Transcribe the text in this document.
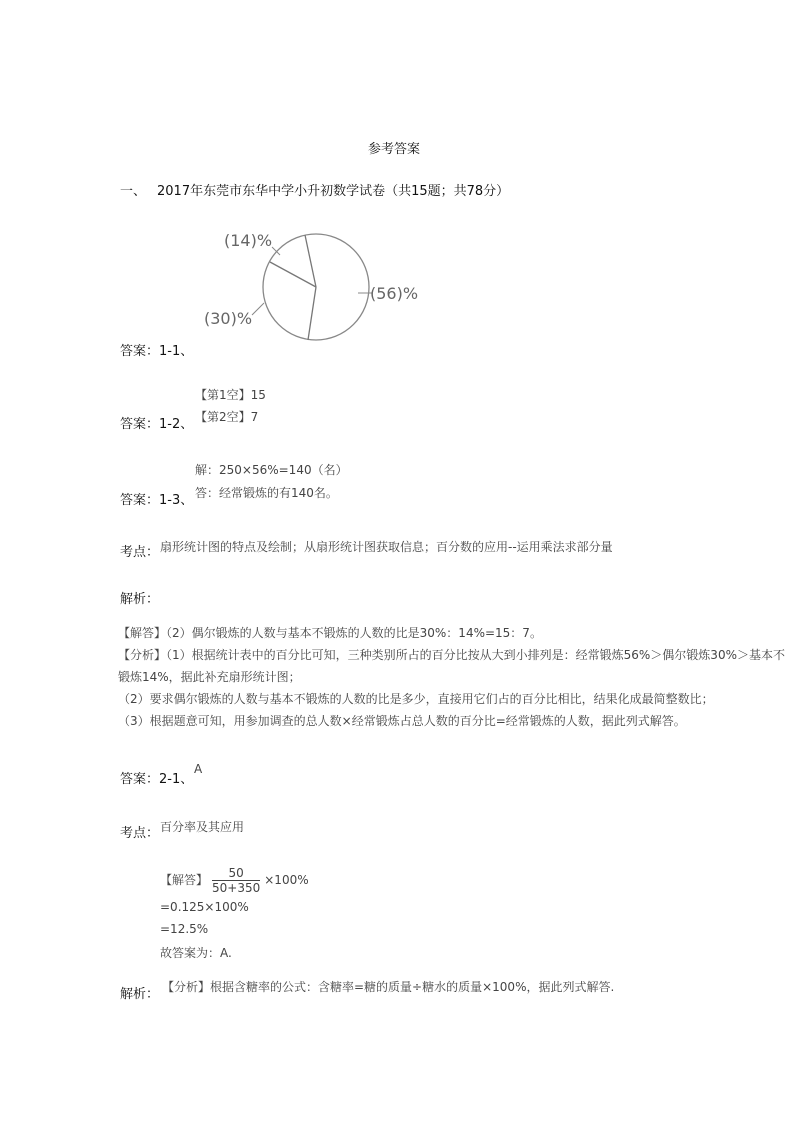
参考答案
一、 2017年东莞市东华中学小升初数学试卷（共15题；共78分）
(56)%
(30)%
(14)%
答案：1-1、
【第1空】15
【第2空】7
答案：1-2、
解：250×56%=140（名）
答：经常锻炼的有140名。
答案：1-3、
考点： 扇形统计图的特点及绘制；从扇形统计图获取信息；百分数的应用--运用乘法求部分量
解析：
【解答】（2）偶尔锻炼的人数与基本不锻炼的人数的比是30%：14%=15：7。
【分析】（1）根据统计表中的百分比可知，三种类别所占的百分比按从大到小排列是：经常锻炼56%＞偶尔锻炼30%＞基本不
锻炼14%，据此补充扇形统计图；
（2）要求偶尔锻炼的人数与基本不锻炼的人数的比是多少，直接用它们占的百分比相比，结果化成最简整数比；
（3）根据题意可知，用参加调查的总人数×经常锻炼占总人数的百分比=经常锻炼的人数，据此列式解答。
答案：2-1、
A
考点： 百分率及其应用
【解答】 $\frac{50}{50+350} \times 100\%$
=0.125×100%
=12.5%
故答案为：A.
解析： 【分析】根据含糖率的公式：含糖率=糖的质量÷糖水的质量×100%，据此列式解答.
